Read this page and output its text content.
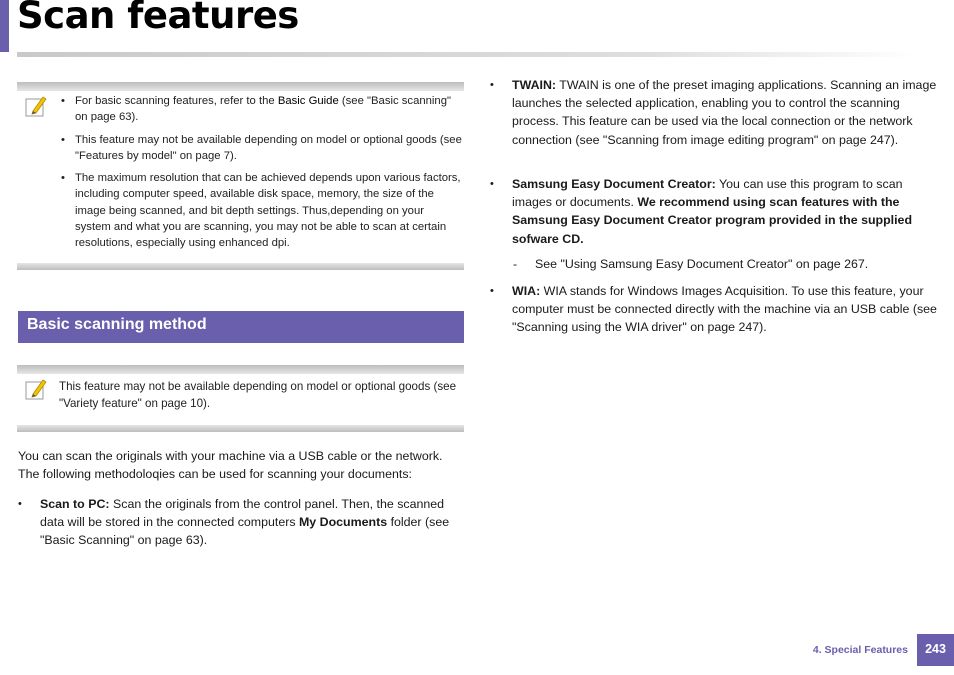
Scan features
• For basic scanning features, refer to the Basic Guide (see "Basic scanning" on page 63).
• This feature may not be available depending on model or optional goods (see "Features by model" on page 7).
• The maximum resolution that can be achieved depends upon various factors, including computer speed, available disk space, memory, the size of the image being scanned, and bit depth settings. Thus,depending on your system and what you are scanning, you may not be able to scan at certain resolutions, especially using enhanced dpi.
Basic scanning method

This feature may not be available depending on model or optional goods (see "Variety feature" on page 10).

You can scan the originals with your machine via a USB cable or the network. The following methodoloqies can be used for scanning your documents:

• Scan to PC: Scan the originals from the control panel. Then, the scanned data will be stored in the connected computers My Documents folder (see "Basic Scanning" on page 63).
• TWAIN: TWAIN is one of the preset imaging applications. Scanning an image launches the selected application, enabling you to control the scanning process. This feature can be used via the local connection or the network connection (see "Scanning from image editing program" on page 247).
• Samsung Easy Document Creator: You can use this program to scan images or documents. We recommend using scan features with the Samsung Easy Document Creator program provided in the supplied sofware CD.
- See "Using Samsung Easy Document Creator" on page 267.
• WIA: WIA stands for Windows Images Acquisition. To use this feature, your computer must be connected directly with the machine via an USB cable (see "Scanning using the WIA driver" on page 247).

4. Special Features	243
